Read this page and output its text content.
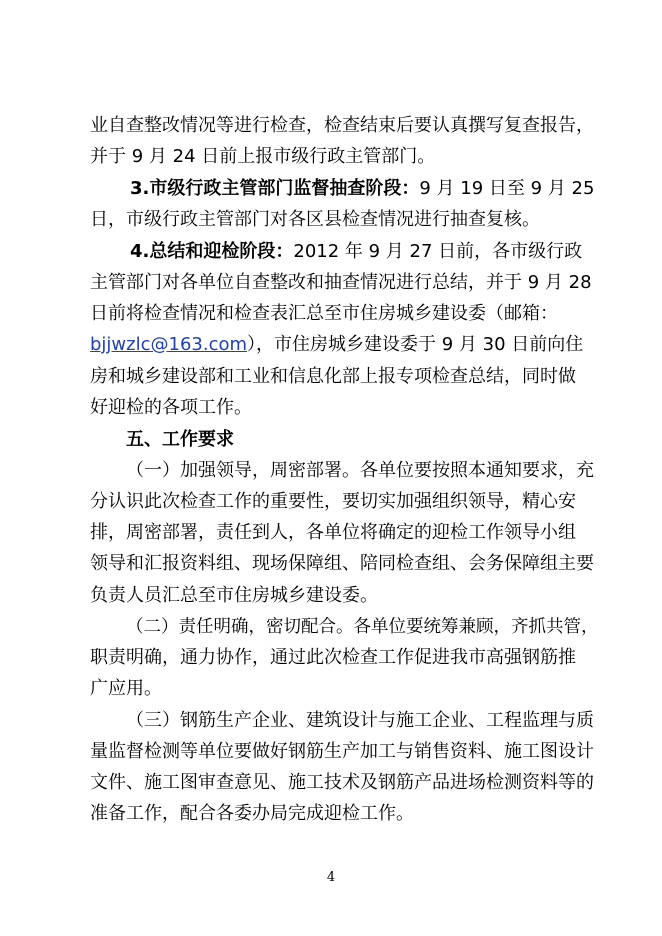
业自查整改情况等进行检查，检查结束后要认真撰写复查报告，
并于 9 月 24 日前上报市级行政主管部门。
3.市级行政主管部门监督抽查阶段：9 月 19 日至 9 月 25
日，市级行政主管部门对各区县检查情况进行抽查复核。
4.总结和迎检阶段：2012 年 9 月 27 日前，各市级行政
主管部门对各单位自查整改和抽查情况进行总结，并于 9 月 28
日前将检查情况和检查表汇总至市住房城乡建设委（邮箱：
bjjwzlc@163.com），市住房城乡建设委于 9 月 30 日前向住
房和城乡建设部和工业和信息化部上报专项检查总结，同时做
好迎检的各项工作。
五、工作要求
（一）加强领导，周密部署。各单位要按照本通知要求，充
分认识此次检查工作的重要性，要切实加强组织领导，精心安
排，周密部署，责任到人，各单位将确定的迎检工作领导小组
领导和汇报资料组、现场保障组、陪同检查组、会务保障组主要
负责人员汇总至市住房城乡建设委。
（二）责任明确，密切配合。各单位要统筹兼顾，齐抓共管，
职责明确，通力协作，通过此次检查工作促进我市高强钢筋推
广应用。
（三）钢筋生产企业、建筑设计与施工企业、工程监理与质
量监督检测等单位要做好钢筋生产加工与销售资料、施工图设计
文件、施工图审查意见、施工技术及钢筋产品进场检测资料等的
准备工作，配合各委办局完成迎检工作。
4
